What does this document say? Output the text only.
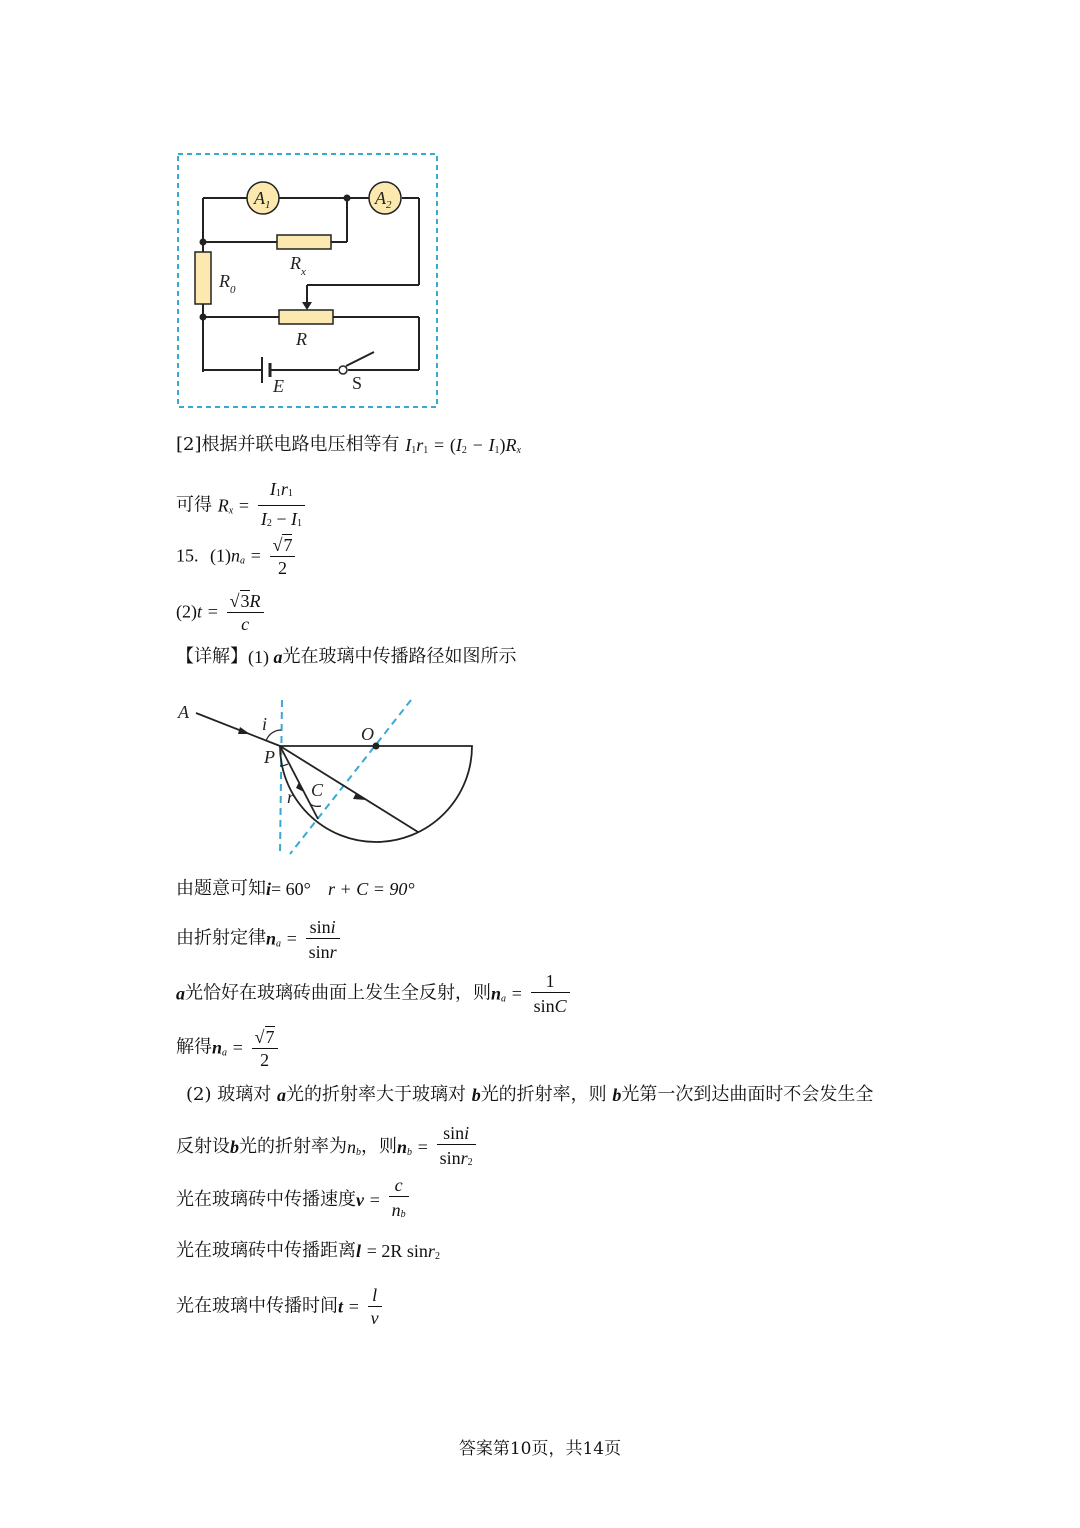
$A_1$	$A_2$
$R_x$
$R_0$
R
E	S
[2]根据并联电路电压相等有 $I_1r_1 = (I_2 - I_1)R_x$
可得 $R_x = \frac{I_1r_1}{I_2 - I_1}$
15. $(1)n_a = \frac{√7}{2}$
$(2)t = \frac{√3R}{c}$
【详解】(1) a光在玻璃中传播路径如图所示
A
i
P
O
r C
由题意可知i= 60° r + C = 90°
由折射定律$n_a = \frac{\sin i}{\sin r}$
a光恰好在玻璃砖曲面上发生全反射，则$n_a = \frac{1}{\sin C}$
解得$n_a = \frac{√7}{2}$
(2) 玻璃对 a光的折射率大于玻璃对 b光的折射率，则 b光第一次到达曲面时不会发生全
反射设b光的折射率为$n_b$，则$n_b = \frac{\sin i}{\sin r_2}$
光在玻璃砖中传播速度$v = \frac{c}{n_b}$
光在玻璃砖中传播距离l = 2R sinr$_2$
光在玻璃中传播时间$t = \frac{l}{v}$
答案第10页，共14页
